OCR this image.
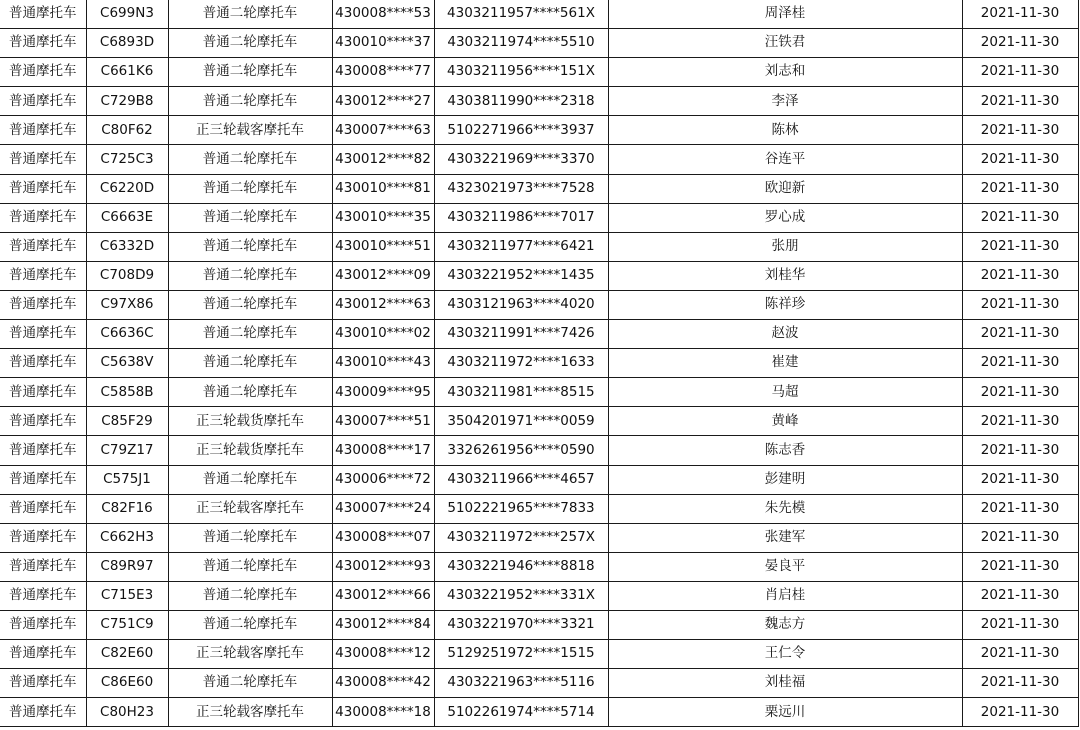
普通摩托车	C699N3	普通二轮摩托车	430008****53	4303211957****561X	周泽桂	2021-11-30
普通摩托车	C6893D	普通二轮摩托车	430010****37	4303211974****5510	汪铁君	2021-11-30
普通摩托车	C661K6	普通二轮摩托车	430008****77	4303211956****151X	刘志和	2021-11-30
普通摩托车	C729B8	普通二轮摩托车	430012****27	4303811990****2318	李泽	2021-11-30
普通摩托车	C80F62	正三轮载客摩托车	430007****63	5102271966****3937	陈林	2021-11-30
普通摩托车	C725C3	普通二轮摩托车	430012****82	4303221969****3370	谷连平	2021-11-30
普通摩托车	C6220D	普通二轮摩托车	430010****81	4323021973****7528	欧迎新	2021-11-30
普通摩托车	C6663E	普通二轮摩托车	430010****35	4303211986****7017	罗心成	2021-11-30
普通摩托车	C6332D	普通二轮摩托车	430010****51	4303211977****6421	张朋	2021-11-30
普通摩托车	C708D9	普通二轮摩托车	430012****09	4303221952****1435	刘桂华	2021-11-30
普通摩托车	C97X86	普通二轮摩托车	430012****63	4303121963****4020	陈祥珍	2021-11-30
普通摩托车	C6636C	普通二轮摩托车	430010****02	4303211991****7426	赵波	2021-11-30
普通摩托车	C5638V	普通二轮摩托车	430010****43	4303211972****1633	崔建	2021-11-30
普通摩托车	C5858B	普通二轮摩托车	430009****95	4303211981****8515	马超	2021-11-30
普通摩托车	C85F29	正三轮载货摩托车	430007****51	3504201971****0059	黄峰	2021-11-30
普通摩托车	C79Z17	正三轮载货摩托车	430008****17	3326261956****0590	陈志香	2021-11-30
普通摩托车	C575J1	普通二轮摩托车	430006****72	4303211966****4657	彭建明	2021-11-30
普通摩托车	C82F16	正三轮载客摩托车	430007****24	5102221965****7833	朱先模	2021-11-30
普通摩托车	C662H3	普通二轮摩托车	430008****07	4303211972****257X	张建军	2021-11-30
普通摩托车	C89R97	普通二轮摩托车	430012****93	4303221946****8818	晏良平	2021-11-30
普通摩托车	C715E3	普通二轮摩托车	430012****66	4303221952****331X	肖启桂	2021-11-30
普通摩托车	C751C9	普通二轮摩托车	430012****84	4303221970****3321	魏志方	2021-11-30
普通摩托车	C82E60	正三轮载客摩托车	430008****12	5129251972****1515	王仁令	2021-11-30
普通摩托车	C86E60	普通二轮摩托车	430008****42	4303221963****5116	刘桂福	2021-11-30
普通摩托车	C80H23	正三轮载客摩托车	430008****18	5102261974****5714	栗远川	2021-11-30
